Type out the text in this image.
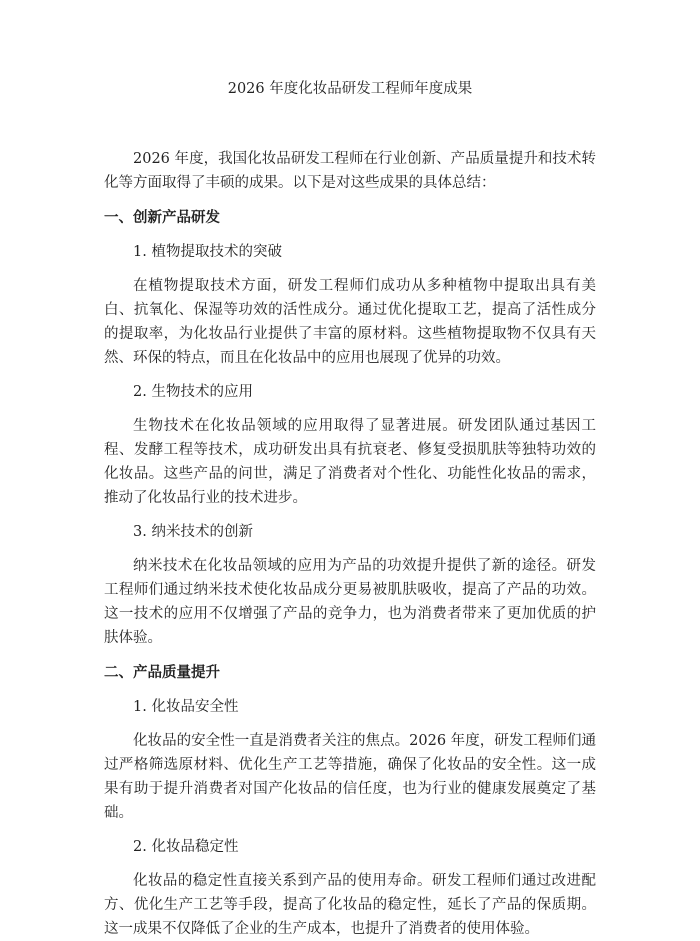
2026 年度化妆品研发工程师年度成果

2026 年度，我国化妆品研发工程师在行业创新、产品质量提升和技术转化等方面取得了丰硕的成果。以下是对这些成果的具体总结：

一、创新产品研发
1. 植物提取技术的突破

在植物提取技术方面，研发工程师们成功从多种植物中提取出具有美白、抗氧化、保湿等功效的活性成分。通过优化提取工艺，提高了活性成分的提取率，为化妆品行业提供了丰富的原材料。这些植物提取物不仅具有天然、环保的特点，而且在化妆品中的应用也展现了优异的功效。

2. 生物技术的应用

生物技术在化妆品领域的应用取得了显著进展。研发团队通过基因工程、发酵工程等技术，成功研发出具有抗衰老、修复受损肌肤等独特功效的化妆品。这些产品的问世，满足了消费者对个性化、功能性化妆品的需求，推动了化妆品行业的技术进步。

3. 纳米技术的创新

纳米技术在化妆品领域的应用为产品的功效提升提供了新的途径。研发工程师们通过纳米技术使化妆品成分更易被肌肤吸收，提高了产品的功效。这一技术的应用不仅增强了产品的竞争力，也为消费者带来了更加优质的护肤体验。

二、产品质量提升
1. 化妆品安全性

化妆品的安全性一直是消费者关注的焦点。2026 年度，研发工程师们通过严格筛选原材料、优化生产工艺等措施，确保了化妆品的安全性。这一成果有助于提升消费者对国产化妆品的信任度，也为行业的健康发展奠定了基础。

2. 化妆品稳定性

化妆品的稳定性直接关系到产品的使用寿命。研发工程师们通过改进配方、优化生产工艺等手段，提高了化妆品的稳定性，延长了产品的保质期。这一成果不仅降低了企业的生产成本，也提升了消费者的使用体验。
